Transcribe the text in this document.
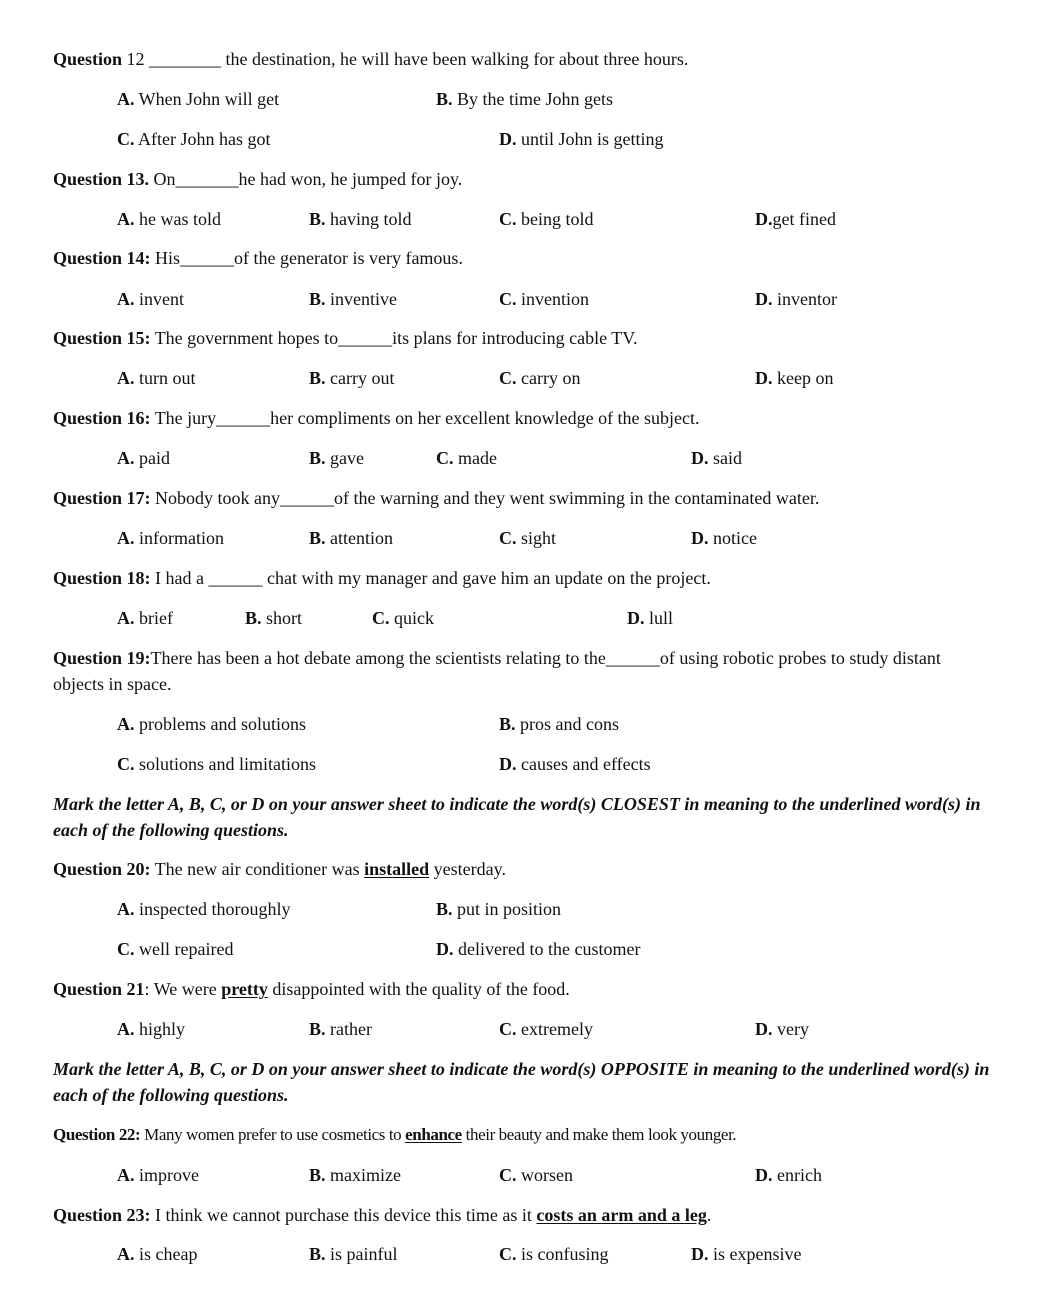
Question 12 ________ the destination, he will have been walking for about three hours.
A. When John will get	B. By the time John gets
C. After John has got	D. until John is getting
Question 13. On_______he had won, he jumped for joy.
A. he was told	B. having told	C. being told	D.get fined
Question 14: His______of the generator is very famous.
A. invent	B. inventive	C. invention	D. inventor
Question 15: The government hopes to______its plans for introducing cable TV.
A. turn out	B. carry out	C. carry on	D. keep on
Question 16: The jury______her compliments on her excellent knowledge of the subject.
A. paid	B. gave	C. made	D. said
Question 17: Nobody took any______of the warning and they went swimming in the contaminated water.
A. information	B. attention	C. sight	D. notice
Question 18: I had a ______ chat with my manager and gave him an update on the project.
A. brief	B. short	C. quick	D. lull
Question 19:There has been a hot debate among the scientists relating to the______of using robotic probes to study distant objects in space.
A. problems and solutions	B. pros and cons
C. solutions and limitations	D. causes and effects
Mark the letter A, B, C, or D on your answer sheet to indicate the word(s) CLOSEST in meaning to the underlined word(s) in each of the following questions.
Question 20: The new air conditioner was installed yesterday.
A. inspected thoroughly	B. put in position
C. well repaired	D. delivered to the customer
Question 21: We were pretty disappointed with the quality of the food.
A. highly	B. rather	C. extremely	D. very
Mark the letter A, B, C, or D on your answer sheet to indicate the word(s) OPPOSITE in meaning to the underlined word(s) in each of the following questions.
Question 22: Many women prefer to use cosmetics to enhance their beauty and make them look younger.
A. improve	B. maximize	C. worsen	D. enrich
Question 23: I think we cannot purchase this device this time as it costs an arm and a leg.
A. is cheap	B. is painful	C. is confusing	D. is expensive
